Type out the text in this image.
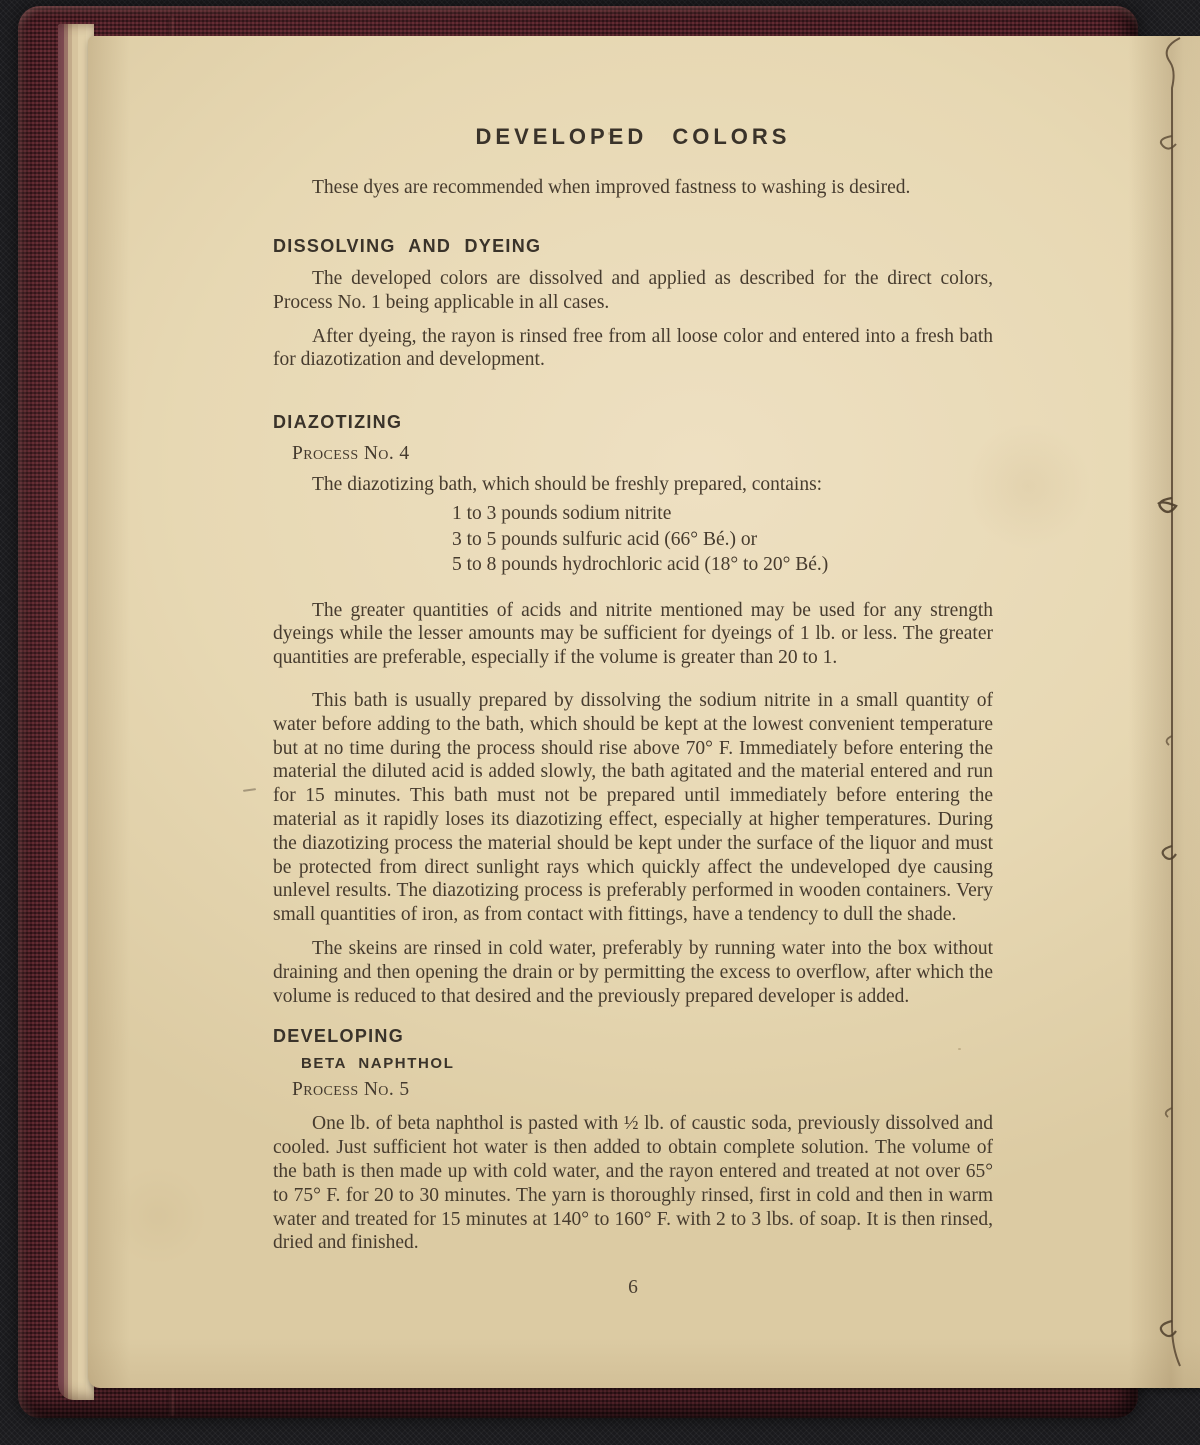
DEVELOPED COLORS

These dyes are recommended when improved fastness to washing is desired.

DISSOLVING AND DYEING

The developed colors are dissolved and applied as described for the direct colors, Process No. 1 being applicable in all cases.

After dyeing, the rayon is rinsed free from all loose color and entered into a fresh bath for diazotization and development.

DIAZOTIZING
Process No. 4

The diazotizing bath, which should be freshly prepared, contains:

1 to 3 pounds sodium nitrite
3 to 5 pounds sulfuric acid (66° Bé.) or
5 to 8 pounds hydrochloric acid (18° to 20° Bé.)

The greater quantities of acids and nitrite mentioned may be used for any strength dyeings while the lesser amounts may be sufficient for dyeings of 1 lb. or less. The greater quantities are preferable, especially if the volume is greater than 20 to 1.

This bath is usually prepared by dissolving the sodium nitrite in a small quantity of water before adding to the bath, which should be kept at the lowest convenient temperature but at no time during the process should rise above 70° F. Immediately before entering the material the diluted acid is added slowly, the bath agitated and the material entered and run for 15 minutes. This bath must not be prepared until immediately before entering the material as it rapidly loses its diazotizing effect, especially at higher temperatures. During the diazotizing process the material should be kept under the surface of the liquor and must be protected from direct sunlight rays which quickly affect the undeveloped dye causing unlevel results. The diazotizing process is preferably performed in wooden containers. Very small quantities of iron, as from contact with fittings, have a tendency to dull the shade.

The skeins are rinsed in cold water, preferably by running water into the box without draining and then opening the drain or by permitting the excess to overflow, after which the volume is reduced to that desired and the previously prepared developer is added.

DEVELOPING
BETA NAPHTHOL
Process No. 5

One lb. of beta naphthol is pasted with ½ lb. of caustic soda, previously dissolved and cooled. Just sufficient hot water is then added to obtain complete solution. The volume of the bath is then made up with cold water, and the rayon entered and treated at not over 65° to 75° F. for 20 to 30 minutes. The yarn is thoroughly rinsed, first in cold and then in warm water and treated for 15 minutes at 140° to 160° F. with 2 to 3 lbs. of soap. It is then rinsed, dried and finished.

6
